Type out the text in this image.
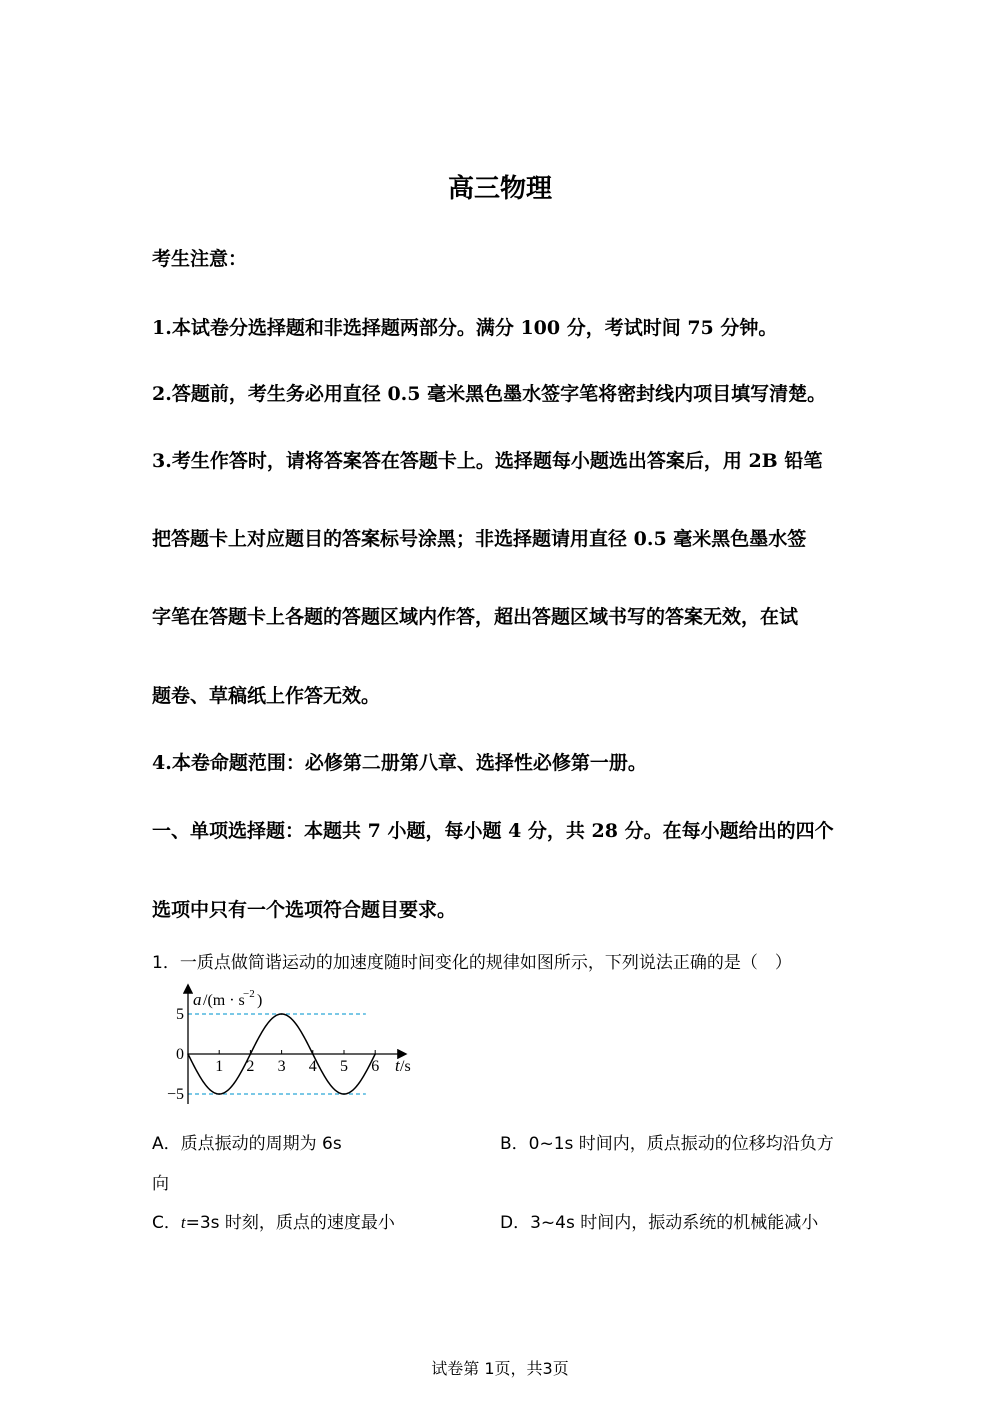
高三物理
考生注意：
1.本试卷分选择题和非选择题两部分。满分 100 分，考试时间 75 分钟。
2.答题前，考生务必用直径 0.5 毫米黑色墨水签字笔将密封线内项目填写清楚。
3.考生作答时，请将答案答在答题卡上。选择题每小题选出答案后，用 2B 铅笔
把答题卡上对应题目的答案标号涂黑；非选择题请用直径 0.5 毫米黑色墨水签
字笔在答题卡上各题的答题区域内作答，超出答题区域书写的答案无效，在试
题卷、草稿纸上作答无效。
4.本卷命题范围：必修第二册第八章、选择性必修第一册。
一、单项选择题：本题共 7 小题，每小题 4 分，共 28 分。在每小题给出的四个
选项中只有一个选项符合题目要求。
1．一质点做简谐运动的加速度随时间变化的规律如图所示，下列说法正确的是（　）
a /(m · s
−2 )
1 2 3 4 5 6
5
0
−5
t /s
A．质点振动的周期为 6s	B．0~1s 时间内，质点振动的位移均沿负方
向
C．t=3s 时刻，质点的速度最小	D．3~4s 时间内，振动系统的机械能减小
试卷第 1页，共3页
